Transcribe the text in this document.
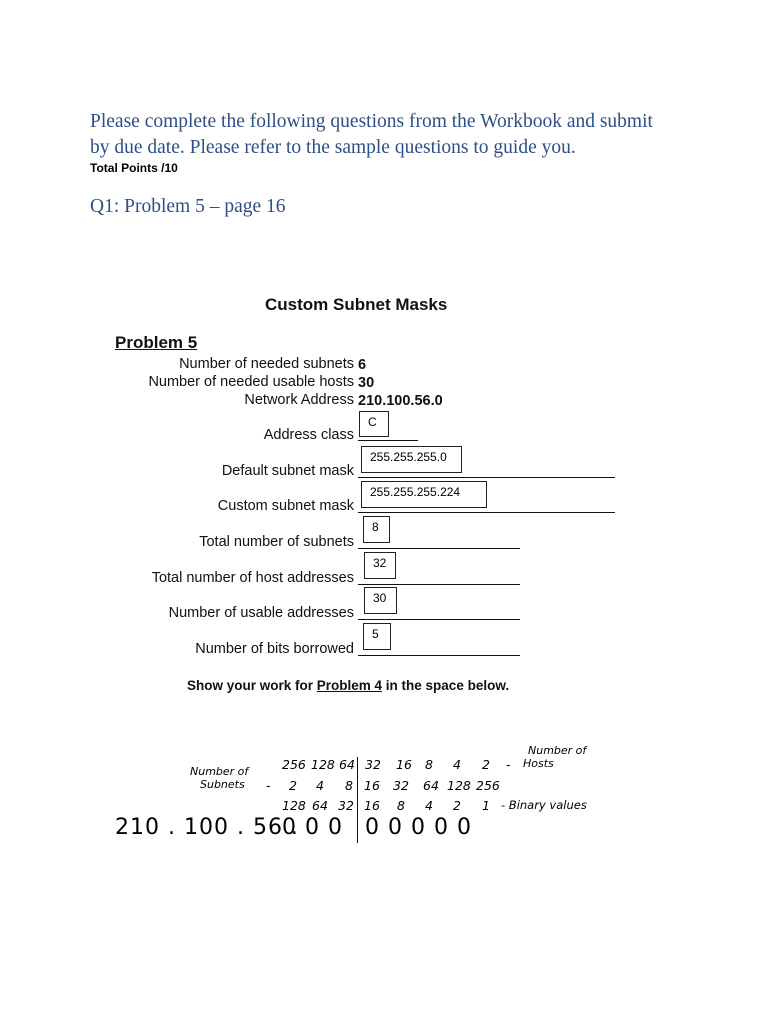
Please complete the following questions from the Workbook and submit
by due date. Please refer to the sample questions to guide you.
Total Points /10
Q1: Problem 5 – page 16
Custom Subnet Masks
Problem 5
Number of needed subnets 6
Number of needed usable hosts 30
Network Address 210.100.56.0
Address class
C
Default subnet mask
255.255.255.0
Custom subnet mask
255.255.255.224
Total number of subnets
8
Total number of host addresses
32
Number of usable addresses
30
Number of bits borrowed
5
Show your work for Problem 4 in the space below.
Number of
Hosts
256 128 64 32 16 8 4 2 -
Number of
Subnets - 2 4 8 16 32 64 128 256
128 64 32 16 8 4 2 1 - Binary values
210 . 100 . 56 .
0 0 0 0 0 0 0 0
